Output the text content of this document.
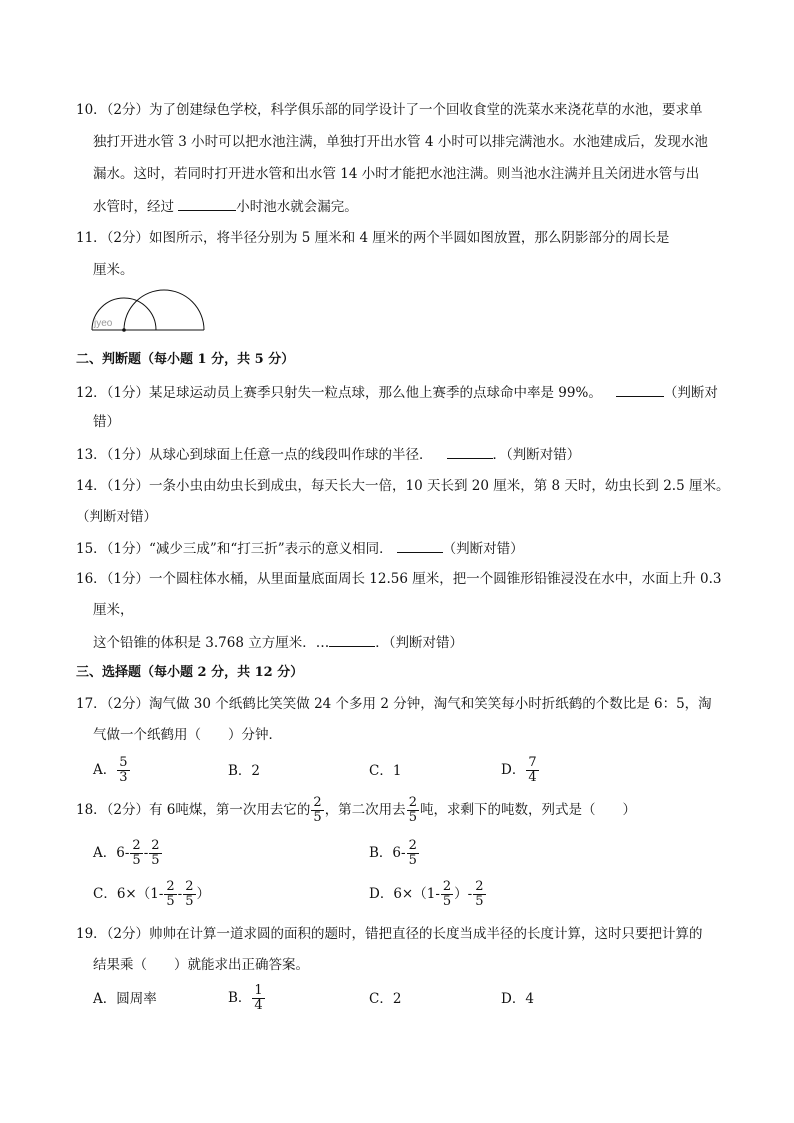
10．（2分）为了创建绿色学校，科学俱乐部的同学设计了一个回收食堂的洗菜水来浇花草的水池，要求单
独打开进水管 3 小时可以把水池注满，单独打开出水管 4 小时可以排完满池水。水池建成后，发现水池
漏水。这时，若同时打开进水管和出水管 14 小时才能把水池注满。则当池水注满并且关闭进水管与出
水管时，经过	小时池水就会漏完。
11．（2分）如图所示，将半径分别为 5 厘米和 4 厘米的两个半圆如图放置，那么阴影部分的周长是
厘米。
jyeo
二、判断题（每小题 1 分，共 5 分）
12．（1分）某足球运动员上赛季只射失一粒点球，那么他上赛季的点球命中率是 99%。	（判断对
错）
13．（1分）从球心到球面上任意一点的线段叫作球的半径．	．（判断对错）
14．（1分）一条小虫由幼虫长到成虫，每天长大一倍，10 天长到 20 厘米，第 8 天时，幼虫长到 2.5 厘米。
（判断对错）
15．（1分）“减少三成”和“打三折”表示的意义相同．	（判断对错）
16．（1分）一个圆柱体水桶，从里面量底面周长 12.56 厘米，把一个圆锥形铅锥浸没在水中，水面上升 0.3
厘米，
这个铅锥的体积是 3.768 立方厘米．…	．（判断对错）
三、选择题（每小题 2 分，共 12 分）
17．（2分）淘气做 30 个纸鹤比笑笑做 24 个多用 2 分钟，淘气和笑笑每小时折纸鹤的个数比是 6：5，淘
气做一个纸鹤用（　　）分钟．
A． $\frac{5}{3}$	B．2	C．1	D． $\frac{7}{4}$
18．（2分）有 6吨煤，第一次用去它的 $\frac{2}{5}$ ，第二次用去 $\frac{2}{5}$ 吨，求剩下的吨数，列式是（　　）
A．$6- \frac{2}{5} - \frac{2}{5}$	B．$6- \frac{2}{5}$
C．$6\times(1- \frac{2}{5} - \frac{2}{5}$ ）	D．$6\times(1- \frac{2}{5}$ ）- $\frac{2}{5}$
19．（2分）帅帅在计算一道求圆的面积的题时，错把直径的长度当成半径的长度计算，这时只要把计算的
结果乘（　　）就能求出正确答案。
A．圆周率	B． $\frac{1}{4}$	C．2	D．4
